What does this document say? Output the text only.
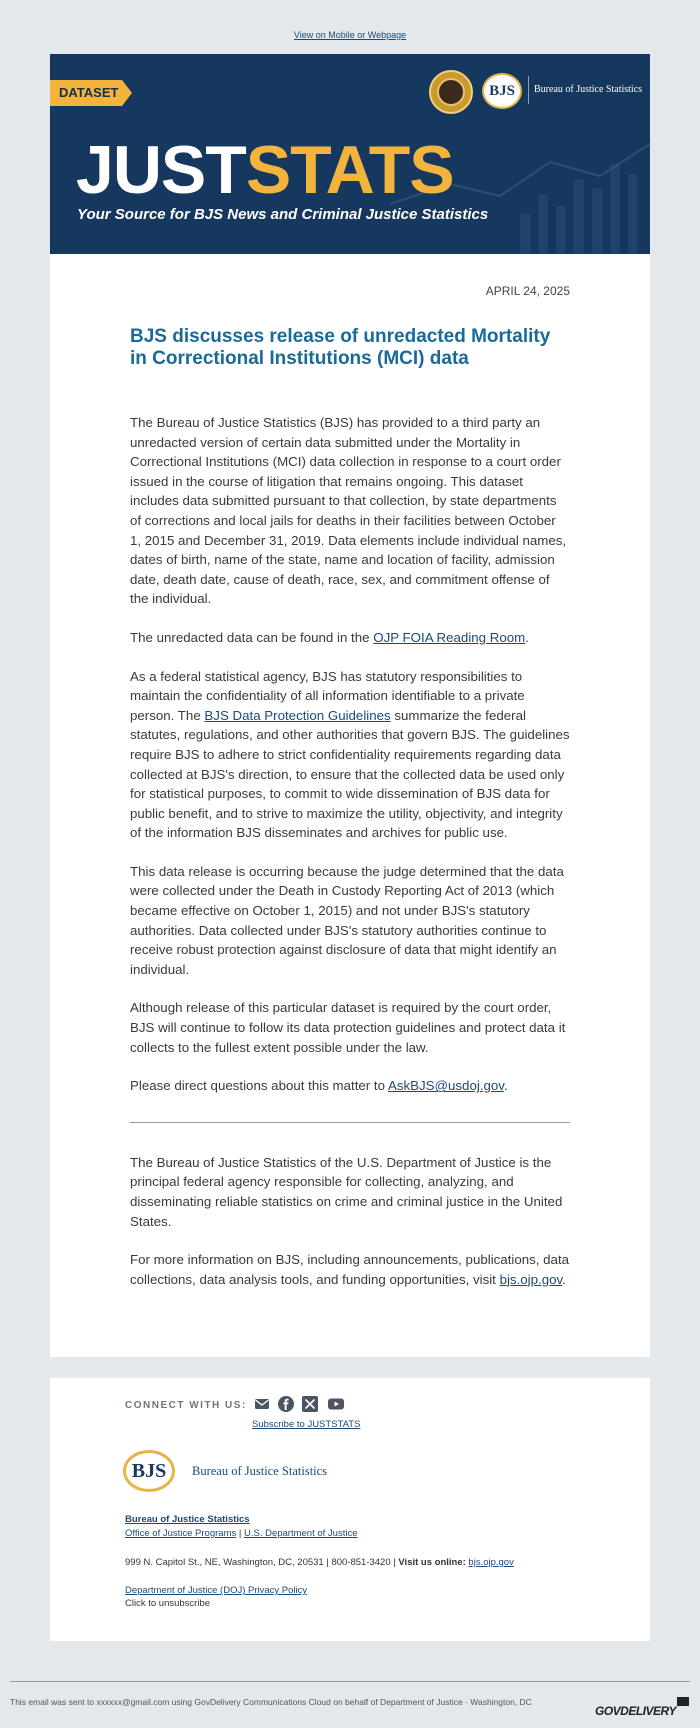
View on Mobile or Webpage
DATASET	BJS	Bureau of Justice Statistics
JUSTSTATS
Your Source for BJS News and Criminal Justice Statistics
APRIL 24, 2025
BJS discusses release of unredacted Mortality in Correctional Institutions (MCI) data

The Bureau of Justice Statistics (BJS) has provided to a third party an unredacted version of certain data submitted under the Mortality in Correctional Institutions (MCI) data collection in response to a court order issued in the course of litigation that remains ongoing. This dataset includes data submitted pursuant to that collection, by state departments of corrections and local jails for deaths in their facilities between October 1, 2015 and December 31, 2019. Data elements include individual names, dates of birth, name of the state, name and location of facility, admission date, death date, cause of death, race, sex, and commitment offense of the individual.

The unredacted data can be found in the OJP FOIA Reading Room.

As a federal statistical agency, BJS has statutory responsibilities to maintain the confidentiality of all information identifiable to a private person. The BJS Data Protection Guidelines summarize the federal statutes, regulations, and other authorities that govern BJS. The guidelines require BJS to adhere to strict confidentiality requirements regarding data collected at BJS's direction, to ensure that the collected data be used only for statistical purposes, to commit to wide dissemination of BJS data for public benefit, and to strive to maximize the utility, objectivity, and integrity of the information BJS disseminates and archives for public use.

This data release is occurring because the judge determined that the data were collected under the Death in Custody Reporting Act of 2013 (which became effective on October 1, 2015) and not under BJS's statutory authorities. Data collected under BJS's statutory authorities continue to receive robust protection against disclosure of data that might identify an individual.

Although release of this particular dataset is required by the court order, BJS will continue to follow its data protection guidelines and protect data it collects to the fullest extent possible under the law.

Please direct questions about this matter to AskBJS@usdoj.gov.

The Bureau of Justice Statistics of the U.S. Department of Justice is the principal federal agency responsible for collecting, analyzing, and disseminating reliable statistics on crime and criminal justice in the United States.

For more information on BJS, including announcements, publications, data collections, data analysis tools, and funding opportunities, visit bjs.ojp.gov.

CONNECT WITH US:
Subscribe to JUSTSTATS
BJS	Bureau of Justice Statistics
Bureau of Justice Statistics
Office of Justice Programs | U.S. Department of Justice
999 N. Capitol St., NE, Washington, DC, 20531 | 800-851-3420 | Visit us online: bjs.ojp.gov
Department of Justice (DOJ) Privacy Policy
Click to unsubscribe
This email was sent to xxxxxx@gmail.com using GovDelivery Communications Cloud on behalf of Department of Justice · Washington, DC
GOVDELIVERY
